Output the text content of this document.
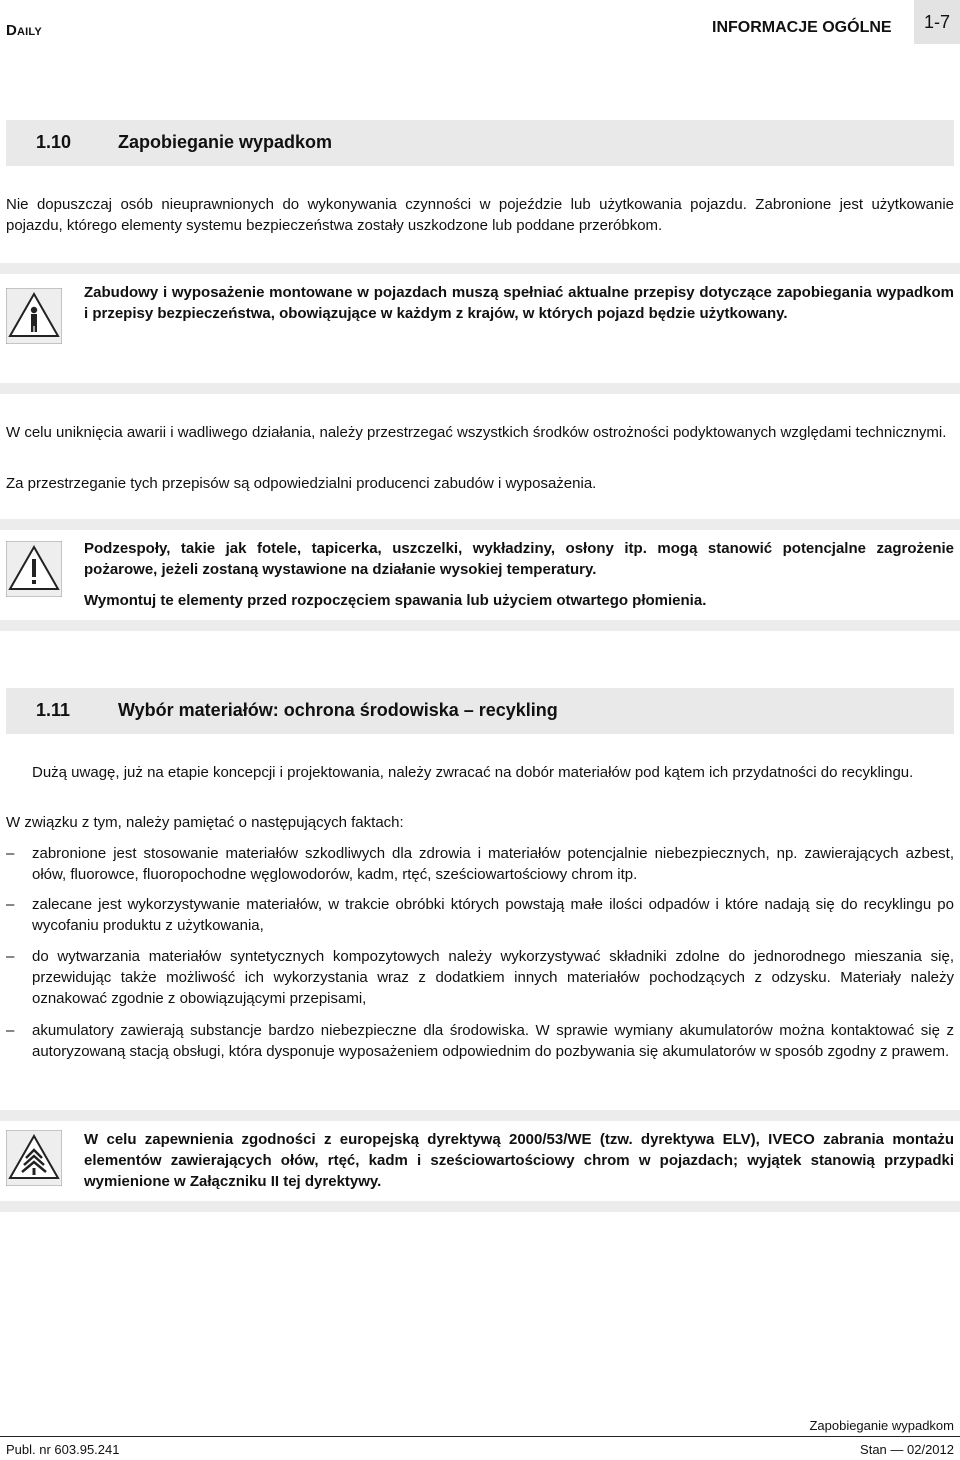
Daily	INFORMACJE OGÓLNE	1-7
1.10	Zapobieganie wypadkom

Nie dopuszczaj osób nieuprawnionych do wykonywania czynności w pojeździe lub użytkowania pojazdu. Zabronione jest użytkowanie pojazdu, którego elementy systemu bezpieczeństwa zostały uszkodzone lub poddane przeróbkom.

Zabudowy i wyposażenie montowane w pojazdach muszą spełniać aktualne przepisy dotyczące zapobiegania wypadkom i przepisy bezpieczeństwa, obowiązujące w każdym z krajów, w których pojazd będzie użytkowany.

W celu uniknięcia awarii i wadliwego działania, należy przestrzegać wszystkich środków ostrożności podyktowanych względami technicznymi.

Za przestrzeganie tych przepisów są odpowiedzialni producenci zabudów i wyposażenia.

Podzespoły, takie jak fotele, tapicerka, uszczelki, wykładziny, osłony itp. mogą stanowić potencjalne zagrożenie pożarowe, jeżeli zostaną wystawione na działanie wysokiej temperatury.

Wymontuj te elementy przed rozpoczęciem spawania lub użyciem otwartego płomienia.

1.11	Wybór materiałów: ochrona środowiska – recykling

Dużą uwagę, już na etapie koncepcji i projektowania, należy zwracać na dobór materiałów pod kątem ich przydatności do recyklingu.

W związku z tym, należy pamiętać o następujących faktach:

– zabronione jest stosowanie materiałów szkodliwych dla zdrowia i materiałów potencjalnie niebezpiecznych, np. zawierających azbest, ołów, fluorowce, fluoropochodne węglowodorów, kadm, rtęć, sześciowartościowy chrom itp.

– zalecane jest wykorzystywanie materiałów, w trakcie obróbki których powstają małe ilości odpadów i które nadają się do recyklingu po wycofaniu produktu z użytkowania,

– do wytwarzania materiałów syntetycznych kompozytowych należy wykorzystywać składniki zdolne do jednorodnego mieszania się, przewidując także możliwość ich wykorzystania wraz z dodatkiem innych materiałów pochodzących z odzysku. Materiały należy oznakować zgodnie z obowiązującymi przepisami,

– akumulatory zawierają substancje bardzo niebezpieczne dla środowiska. W sprawie wymiany akumulatorów można kontaktować się z autoryzowaną stacją obsługi, która dysponuje wyposażeniem odpowiednim do pozbywania się akumulatorów w sposób zgodny z prawem.

W celu zapewnienia zgodności z europejską dyrektywą 2000/53/WE (tzw. dyrektywa ELV), IVECO zabrania montażu elementów zawierających ołów, rtęć, kadm i sześciowartościowy chrom w pojazdach; wyjątek stanowią przypadki wymienione w Załączniku II tej dyrektywy.

Zapobieganie wypadkom
Publ. nr 603.95.241	Stan — 02/2012
